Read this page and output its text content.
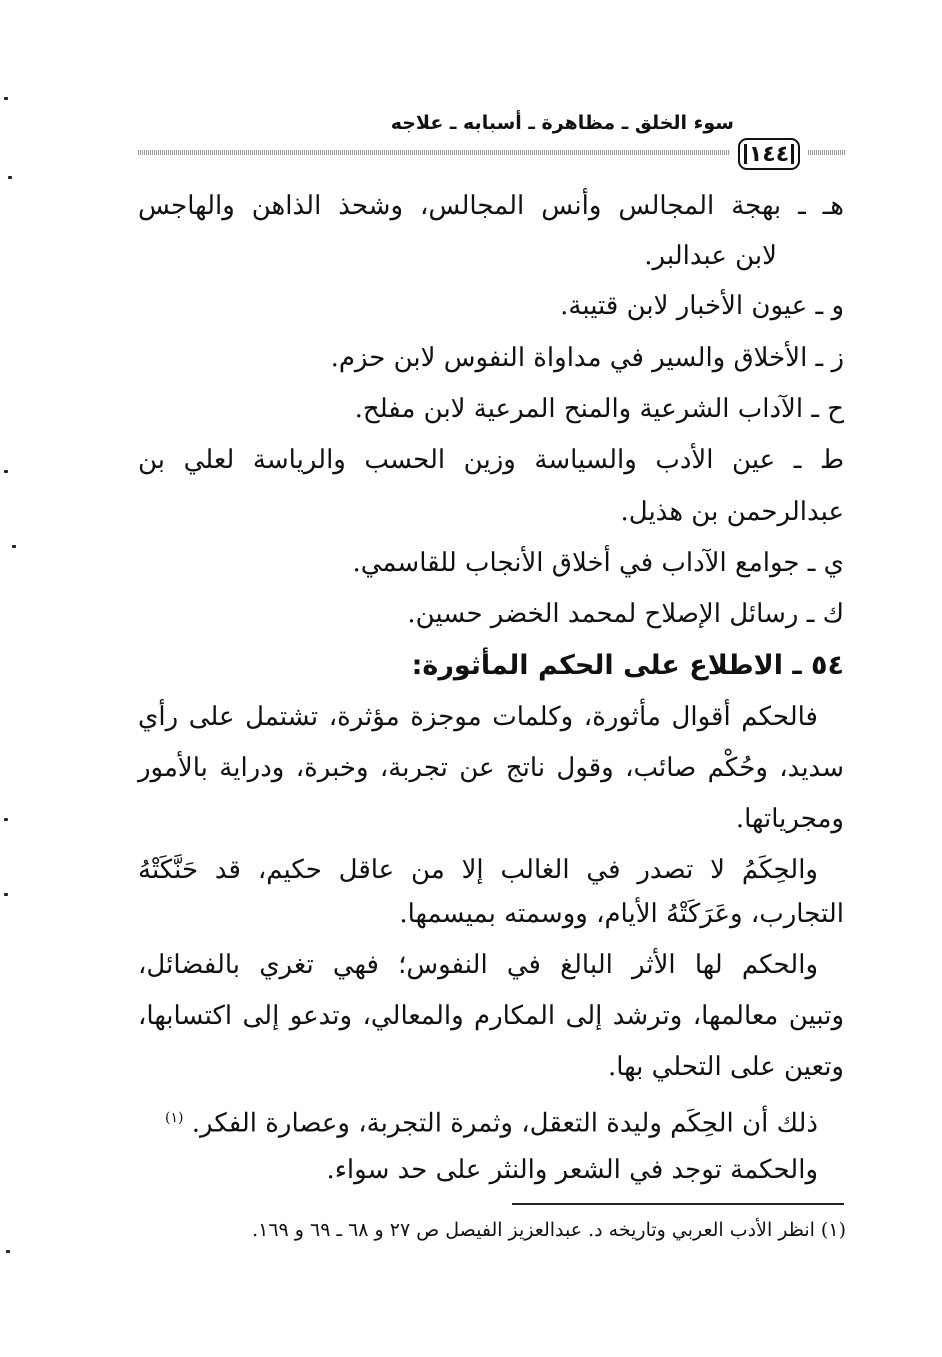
سوء الخلق ـ مظاهرة ـ أسبابه ـ علاجه
١٤٤
هـ ـ بهجة المجالس وأنس المجالس، وشحذ الذاهن والهاجس
لابن عبدالبر.
و ـ عيون الأخبار لابن قتيبة.
ز ـ الأخلاق والسير في مداواة النفوس لابن حزم.
ح ـ الآداب الشرعية والمنح المرعية لابن مفلح.
ط ـ عين الأدب والسياسة وزين الحسب والرياسة لعلي بن
عبدالرحمن بن هذيل.
ي ـ جوامع الآداب في أخلاق الأنجاب للقاسمي.
ك ـ رسائل الإصلاح لمحمد الخضر حسين.
٥٤ ـ الاطلاع على الحكم المأثورة:
فالحكم أقوال مأثورة، وكلمات موجزة مؤثرة، تشتمل على رأي
سديد، وحُكْم صائب، وقول ناتج عن تجربة، وخبرة، ودراية بالأمور
ومجرياتها.
والحِكَمُ لا تصدر في الغالب إلا من عاقل حكيم، قد حَنَّكَتْهُ
التجارب، وعَرَكَتْهُ الأيام، ووسمته بميسمها.
والحكم لها الأثر البالغ في النفوس؛ فهي تغري بالفضائل،
وتبين معالمها، وترشد إلى المكارم والمعالي، وتدعو إلى اكتسابها،
وتعين على التحلي بها.
ذلك أن الحِكَم وليدة التعقل، وثمرة التجربة، وعصارة الفكر. $^{(١)}$
والحكمة توجد في الشعر والنثر على حد سواء.
(١) انظر الأدب العربي وتاريخه د. عبدالعزيز الفيصل ص ٢٧ و ٦٨ ـ ٦٩ و ١٦٩.
